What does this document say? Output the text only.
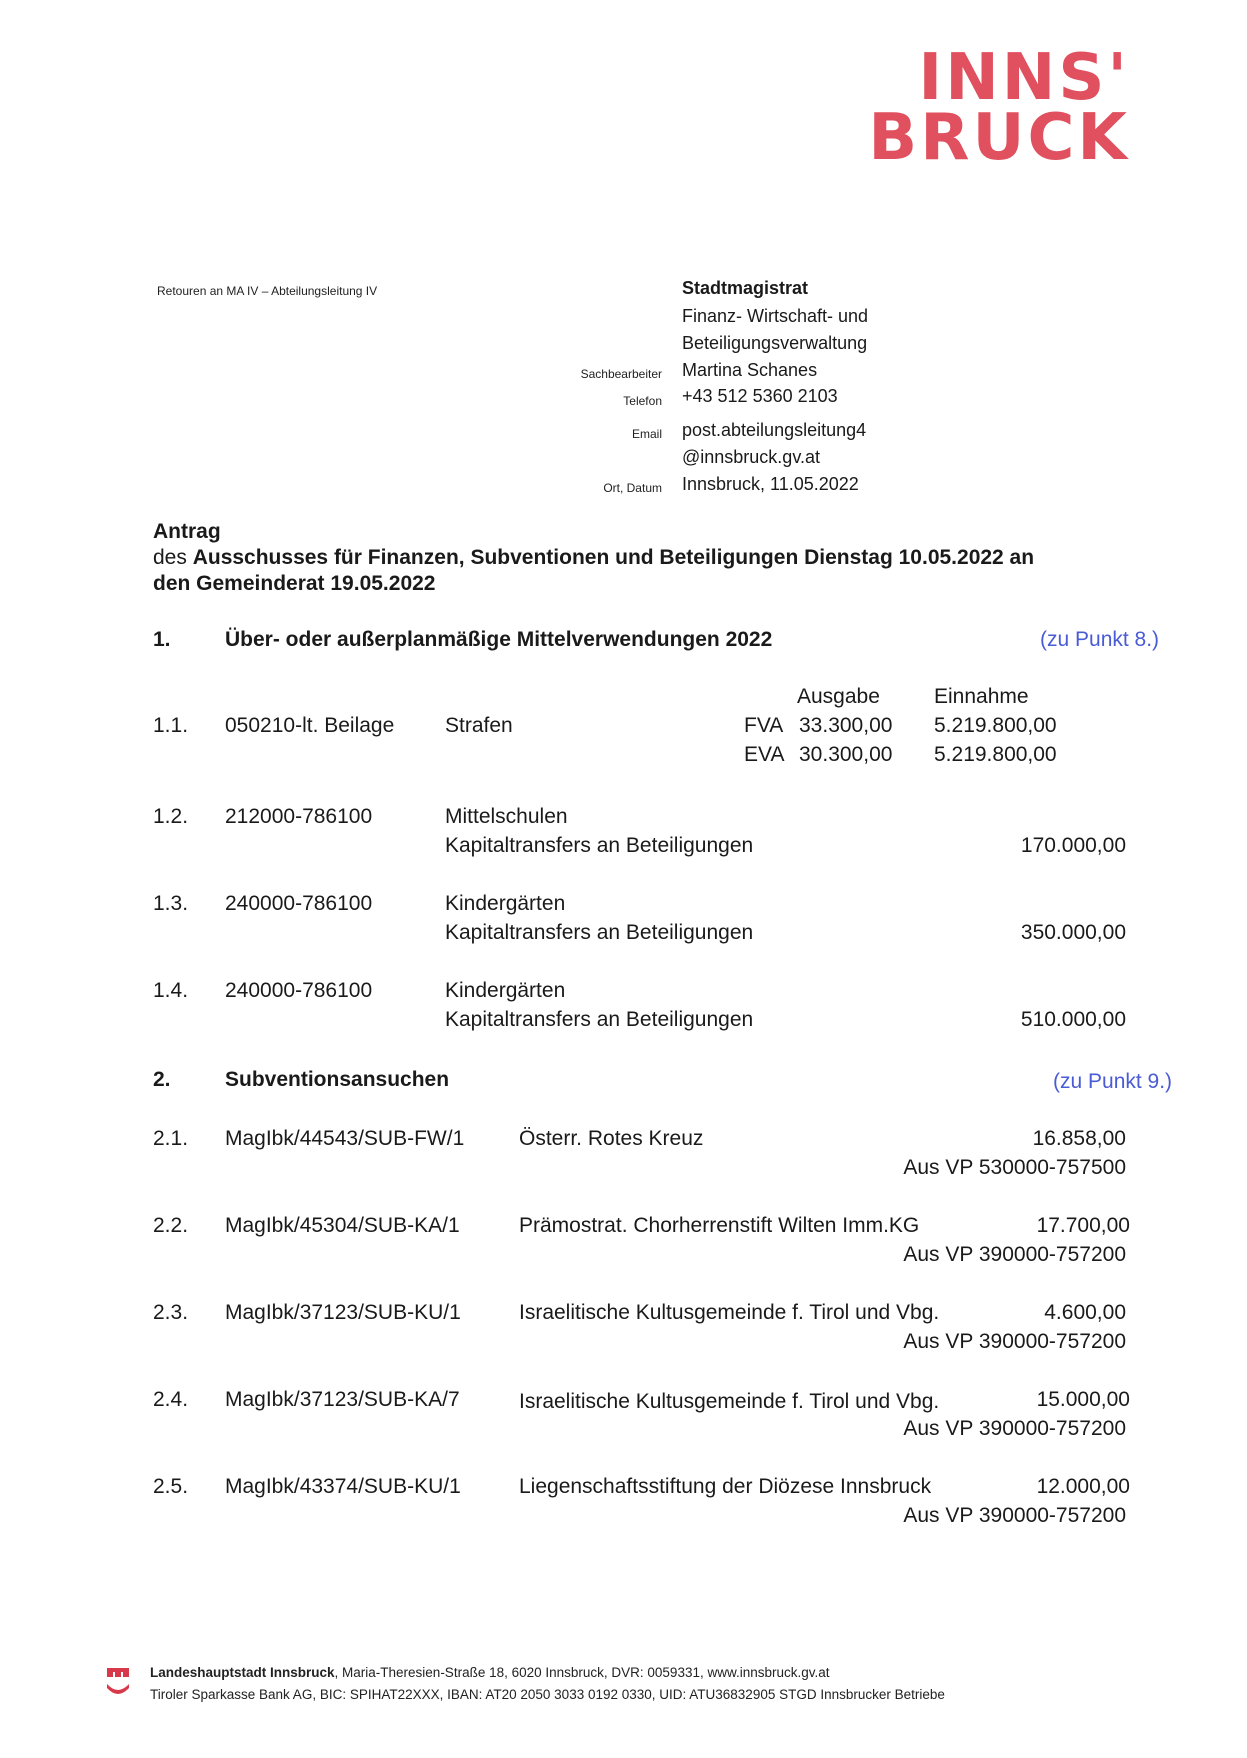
INNS'
BRUCK
Retouren an MA IV – Abteilungsleitung IV	Stadtmagistrat
Finanz- Wirtschaft- und
Beteiligungsverwaltung
Sachbearbeiter Martina Schanes
Telefon +43 512 5360 2103
Email post.abteilungsleitung4
@innsbruck.gv.at
Ort, Datum Innsbruck, 11.05.2022
Antrag
des Ausschusses für Finanzen, Subventionen und Beteiligungen Dienstag 10.05.2022 an
den Gemeinderat 19.05.2022
1.	Über- oder außerplanmäßige Mittelverwendungen 2022	(zu Punkt 8.)
Ausgabe	Einnahme
1.1. 050210-lt. Beilage Strafen	FVA 33.300,00 5.219.800,00
EVA 30.300,00 5.219.800,00
1.2. 212000-786100	Mittelschulen
Kapitaltransfers an Beteiligungen	170.000,00
1.3. 240000-786100	Kindergärten
Kapitaltransfers an Beteiligungen	350.000,00
1.4. 240000-786100	Kindergärten
Kapitaltransfers an Beteiligungen	510.000,00
2.	Subventionsansuchen	(zu Punkt 9.)
2.1. MagIbk/44543/SUB-FW/1	Österr. Rotes Kreuz	16.858,00
Aus VP 530000-757500
2.2. MagIbk/45304/SUB-KA/1	Prämostrat. Chorherrenstift Wilten Imm.KG	17.700,00
Aus VP 390000-757200
2.3. MagIbk/37123/SUB-KU/1	Israelitische Kultusgemeinde f. Tirol und Vbg.	4.600,00
Aus VP 390000-757200
2.4. MagIbk/37123/SUB-KA/7	Israelitische Kultusgemeinde f. Tirol und Vbg.	15.000,00
Aus VP 390000-757200
2.5. MagIbk/43374/SUB-KU/1	Liegenschaftsstiftung der Diözese Innsbruck	12.000,00
Aus VP 390000-757200
Landeshauptstadt Innsbruck, Maria-Theresien-Straße 18, 6020 Innsbruck, DVR: 0059331, www.innsbruck.gv.at
Tiroler Sparkasse Bank AG, BIC: SPIHAT22XXX, IBAN: AT20 2050 3033 0192 0330, UID: ATU36832905 STGD Innsbrucker Betriebe
